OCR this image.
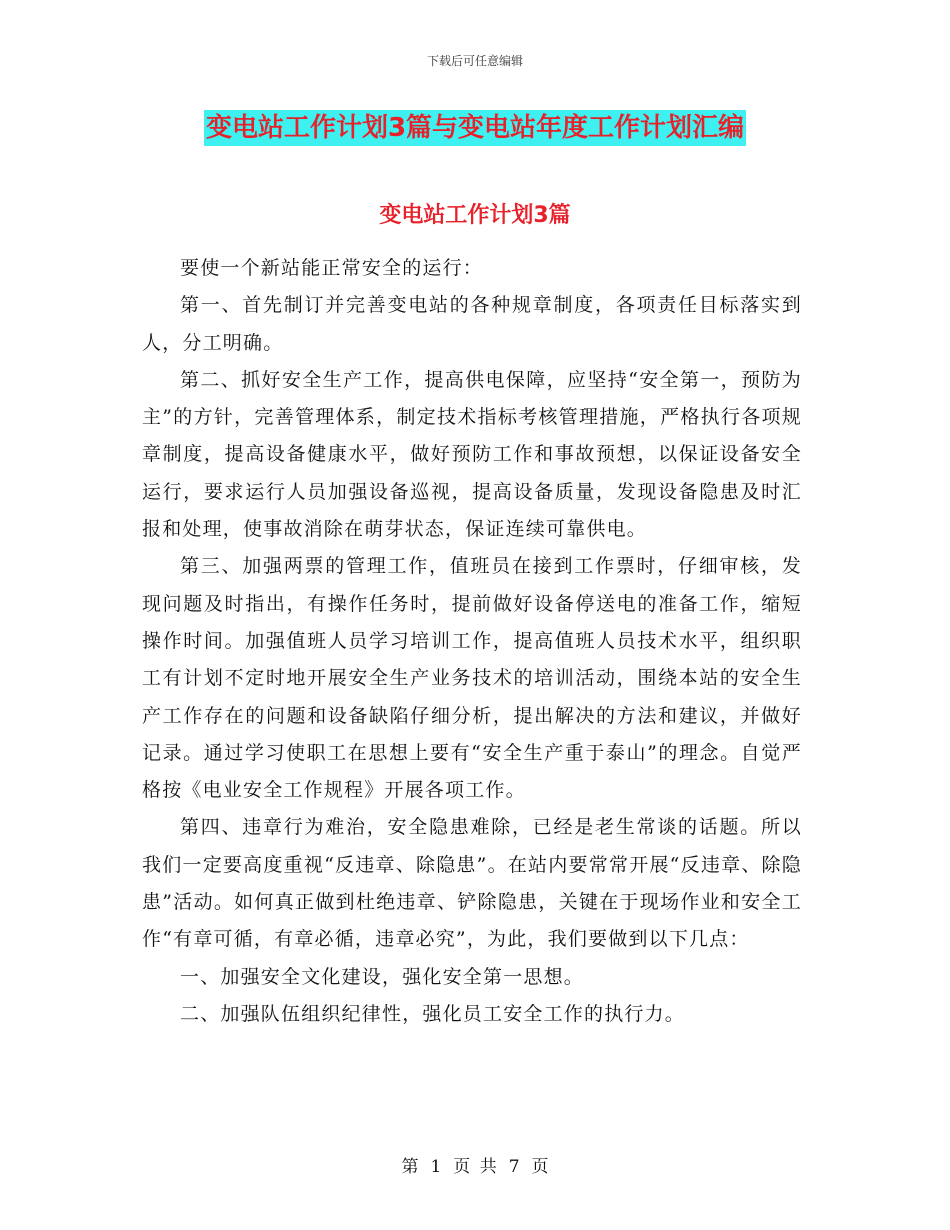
下载后可任意编辑
变电站工作计划3篇与变电站年度工作计划汇编
变电站工作计划3篇

要使一个新站能正常安全的运行：

第一、首先制订并完善变电站的各种规章制度，各项责任目标落实到人，分工明确。

第二、抓好安全生产工作，提高供电保障，应坚持“安全第一，预防为主”的方针，完善管理体系，制定技术指标考核管理措施，严格执行各项规章制度，提高设备健康水平，做好预防工作和事故预想，以保证设备安全运行，要求运行人员加强设备巡视，提高设备质量，发现设备隐患及时汇报和处理，使事故消除在萌芽状态，保证连续可靠供电。

第三、加强两票的管理工作，值班员在接到工作票时，仔细审核，发现问题及时指出，有操作任务时，提前做好设备停送电的准备工作，缩短操作时间。加强值班人员学习培训工作，提高值班人员技术水平，组织职工有计划不定时地开展安全生产业务技术的培训活动，围绕本站的安全生产工作存在的问题和设备缺陷仔细分析，提出解决的方法和建议，并做好记录。通过学习使职工在思想上要有“安全生产重于泰山”的理念。自觉严格按《电业安全工作规程》开展各项工作。

第四、违章行为难治，安全隐患难除，已经是老生常谈的话题。所以我们一定要高度重视“反违章、除隐患”。在站内要常常开展“反违章、除隐患”活动。如何真正做到杜绝违章、铲除隐患，关键在于现场作业和安全工作“有章可循，有章必循，违章必究”，为此，我们要做到以下几点：

一、加强安全文化建设，强化安全第一思想。

二、加强队伍组织纪律性，强化员工安全工作的执行力。

第 1 页 共 7 页
